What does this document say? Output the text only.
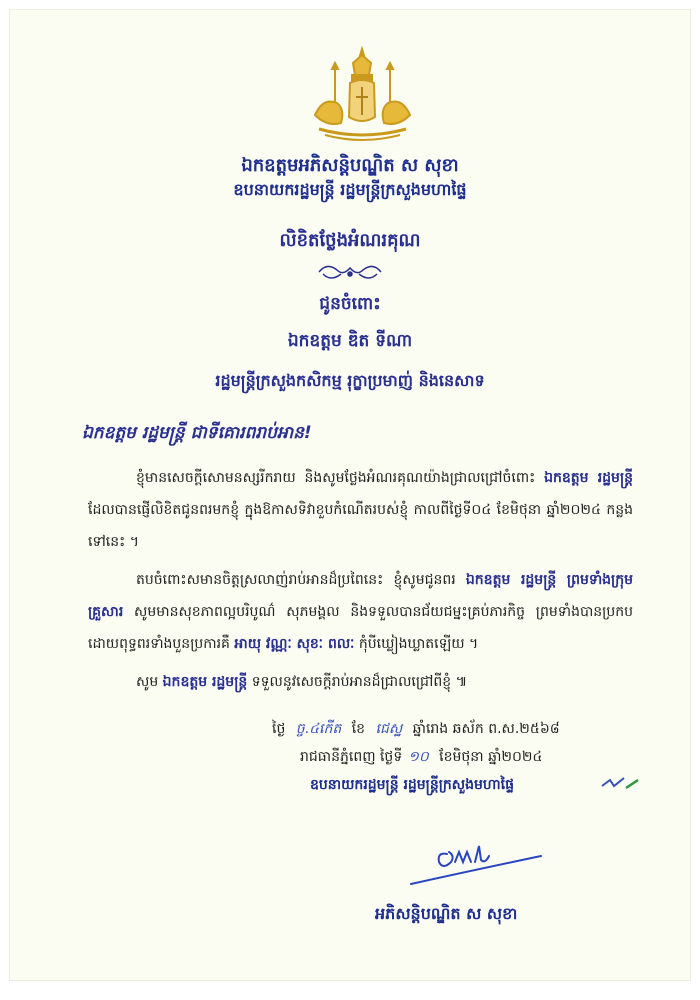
ឯកឧត្តមអភិសន្តិបណ្ឌិត ស សុខា
ឧបនាយករដ្ឋមន្ត្រី រដ្ឋមន្ត្រីក្រសួងមហាផ្ទៃ
លិខិតថ្លែងអំណរគុណ
ជូនចំពោះ
ឯកឧត្តម ឌិត ទីណា
រដ្ឋមន្ត្រីក្រសួងកសិកម្ម រុក្ខាប្រមាញ់ និងនេសាទ
ឯកឧត្តម រដ្ឋមន្ត្រី ជាទីគោរពរាប់អាន!
ខ្ញុំមានសេចក្តីសោមនស្សរីករាយ និងសូមថ្លែងអំណរគុណយ៉ាងជ្រាលជ្រៅចំពោះ ឯកឧត្តម រដ្ឋមន្ត្រី ដែលបានផ្ញើលិខិតជូនពរមកខ្ញុំ ក្នុងឱកាសទិវាខួបកំណើតរបស់ខ្ញុំ កាលពីថ្ងៃទី០៤ ខែមិថុនា ឆ្នាំ២០២៤ កន្លងទៅនេះ ។
តបចំពោះសមានចិត្តស្រលាញ់រាប់អានដ៏ប្រពៃនេះ ខ្ញុំសូមជូនពរ ឯកឧត្តម រដ្ឋមន្ត្រី ព្រមទាំងក្រុមគ្រួសារ សូមមានសុខភាពល្អបរិបូណ៌ សុភមង្គល និងទទួលបានជ័យជម្នះគ្រប់ភារកិច្ច ព្រមទាំងបានប្រកបដោយពុទ្ធពរទាំងបួនប្រការគឺ អាយុ វណ្ណៈ សុខៈ ពលៈ កុំបីឃ្លៀងឃ្លាតឡើយ ។
សូម ឯកឧត្តម រដ្ឋមន្ត្រី ទទួលនូវសេចក្តីរាប់អានដ៏ជ្រាលជ្រៅពីខ្ញុំ ៕
ថ្ងៃ ច្ច.៤កើត ខែ ជេស្ឋ ឆ្នាំរោង ឆស័ក ព.ស.២៥៦៨
រាជធានីភ្នំពេញ ថ្ងៃទី ១០ ខែមិថុនា ឆ្នាំ២០២៤
ឧបនាយករដ្ឋមន្ត្រី រដ្ឋមន្ត្រីក្រសួងមហាផ្ទៃ
អភិសន្តិបណ្ឌិត ស សុខា
